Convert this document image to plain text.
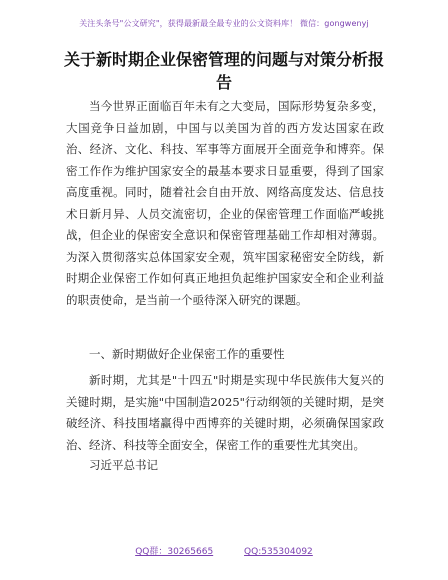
关注头条号"公文研究"，获得最新最全最专业的公文资料库！ 微信：gongwenyj
关于新时期企业保密管理的问题与对策分析报告
当今世界正面临百年未有之大变局，国际形势复杂多变，大国竞争日益加剧，中国与以美国为首的西方发达国家在政治、经济、文化、科技、军事等方面展开全面竞争和博弈。保密工作作为维护国家安全的最基本要求日显重要，得到了国家高度重视。同时，随着社会自由开放、网络高度发达、信息技术日新月异、人员交流密切，企业的保密管理工作面临严峻挑战，但企业的保密安全意识和保密管理基础工作却相对薄弱。为深入贯彻落实总体国家安全观，筑牢国家秘密安全防线，新时期企业保密工作如何真正地担负起维护国家安全和企业利益的职责使命，是当前一个亟待深入研究的课题。
一、新时期做好企业保密工作的重要性
新时期，尤其是"十四五"时期是实现中华民族伟大复兴的关键时期，是实施"中国制造2025"行动纲领的关键时期，是突破经济、科技围堵赢得中西博弈的关键时期，必须确保国家政治、经济、科技等全面安全，保密工作的重要性尤其突出。
习近平总书记
QQ群：30265665	QQ:535304092
